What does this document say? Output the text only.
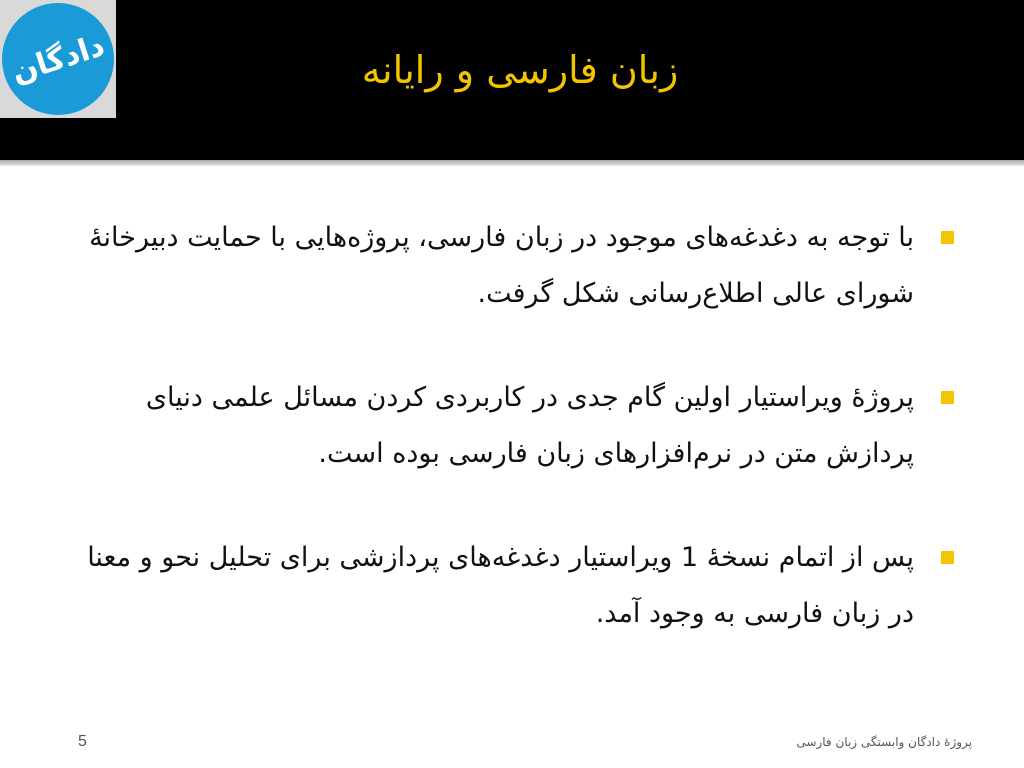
دادگان	زبان فارسی و رایانه
با توجه به دغدغه‌های موجود در زبان فارسی، پروژه‌هایی با حمایت دبیرخانهٔ شورای عالی اطلاع‌رسانی شکل گرفت.
پروژهٔ ویراستیار اولین گام جدی در کاربردی کردن مسائل علمی دنیای پردازش متن در نرم‌افزارهای زبان فارسی بوده است.
پس از اتمام نسخهٔ 1 ویراستیار دغدغه‌های پردازشی برای تحلیل نحو و معنا در زبان فارسی به وجود آمد.
5	پروژهٔ دادگان وابستگی زبان فارسی
